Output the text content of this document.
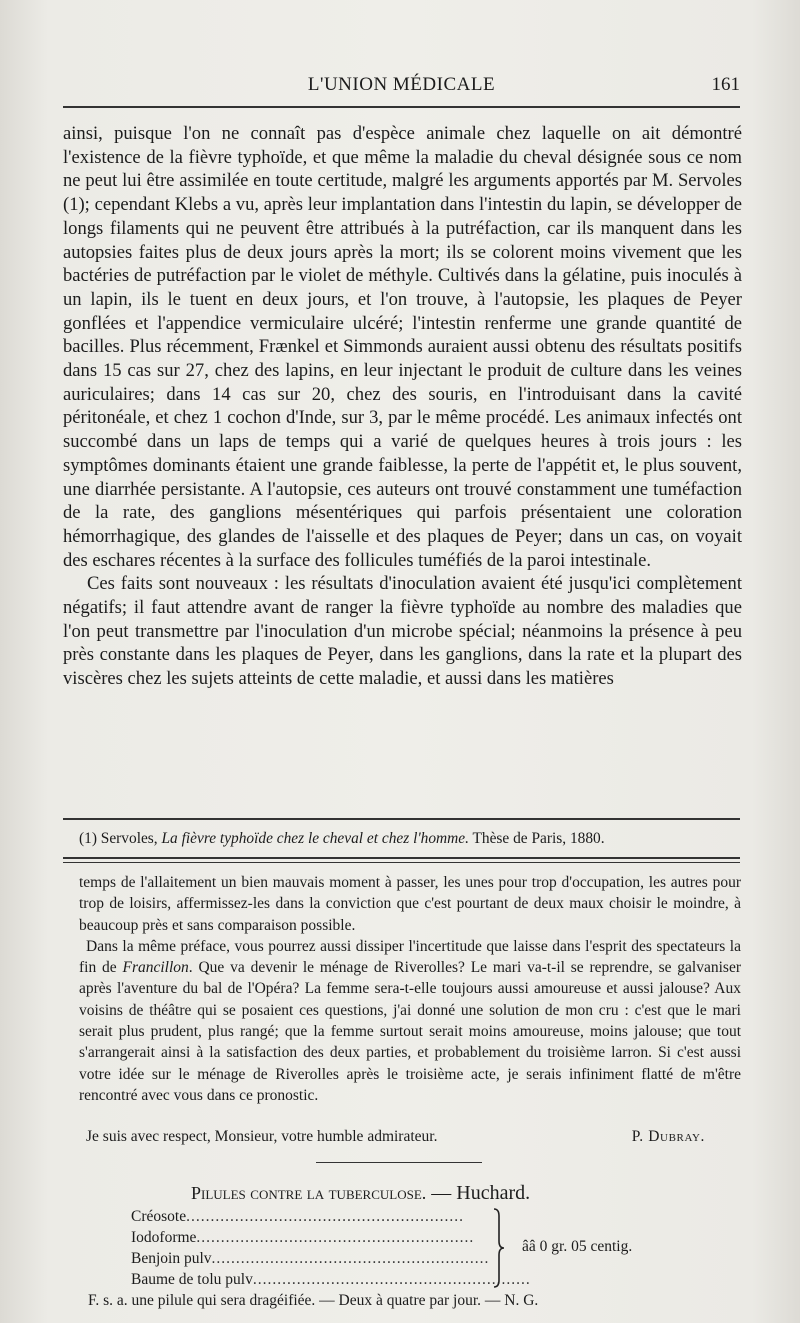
L'UNION MÉDICALE	161

ainsi, puisque l'on ne connaît pas d'espèce animale chez laquelle on ait démontré l'existence de la fièvre typhoïde, et que même la maladie du cheval désignée sous ce nom ne peut lui être assimilée en toute certitude, malgré les arguments apportés par M. Servoles (1); cependant Klebs a vu, après leur implantation dans l'intestin du lapin, se développer de longs filaments qui ne peuvent être attribués à la putréfaction, car ils manquent dans les autopsies faites plus de deux jours après la mort; ils se colorent moins vivement que les bactéries de putréfaction par le violet de méthyle. Cultivés dans la gélatine, puis inoculés à un lapin, ils le tuent en deux jours, et l'on trouve, à l'autopsie, les plaques de Peyer gonflées et l'appendice vermiculaire ulcéré; l'intestin renferme une grande quantité de bacilles. Plus récemment, Frænkel et Simmonds auraient aussi obtenu des résultats positifs dans 15 cas sur 27, chez des lapins, en leur injectant le produit de culture dans les veines auriculaires; dans 14 cas sur 20, chez des souris, en l'introduisant dans la cavité péritonéale, et chez 1 cochon d'Inde, sur 3, par le même procédé. Les animaux infectés ont succombé dans un laps de temps qui a varié de quelques heures à trois jours : les symptômes dominants étaient une grande faiblesse, la perte de l'appétit et, le plus souvent, une diarrhée persistante. A l'autopsie, ces auteurs ont trouvé constamment une tuméfaction de la rate, des ganglions mésentériques qui parfois présentaient une coloration hémorrhagique, des glandes de l'aisselle et des plaques de Peyer; dans un cas, on voyait des eschares récentes à la surface des follicules tuméfiés de la paroi intestinale.

Ces faits sont nouveaux : les résultats d'inoculation avaient été jusqu'ici complètement négatifs; il faut attendre avant de ranger la fièvre typhoïde au nombre des maladies que l'on peut transmettre par l'inoculation d'un microbe spécial; néanmoins la présence à peu près constante dans les plaques de Peyer, dans les ganglions, dans la rate et la plupart des viscères chez les sujets atteints de cette maladie, et aussi dans les matières

(1) Servoles, La fièvre typhoïde chez le cheval et chez l'homme. Thèse de Paris, 1880.

temps de l'allaitement un bien mauvais moment à passer, les unes pour trop d'occupation, les autres pour trop de loisirs, affermissez-les dans la conviction que c'est pourtant de deux maux choisir le moindre, à beaucoup près et sans comparaison possible.

Dans la même préface, vous pourrez aussi dissiper l'incertitude que laisse dans l'esprit des spectateurs la fin de Francillon. Que va devenir le ménage de Riverolles? Le mari va-t-il se reprendre, se galvaniser après l'aventure du bal de l'Opéra? La femme sera-t-elle toujours aussi amoureuse et aussi jalouse? Aux voisins de théâtre qui se posaient ces questions, j'ai donné une solution de mon cru : c'est que le mari serait plus prudent, plus rangé; que la femme surtout serait moins amoureuse, moins jalouse; que tout s'arrangerait ainsi à la satisfaction des deux parties, et probablement du troisième larron. Si c'est aussi votre idée sur le ménage de Riverolles après le troisième acte, je serais infiniment flatté de m'être rencontré avec vous dans ce pronostic.

Je suis avec respect, Monsieur, votre humble admirateur.	P. Dubray.
Pilules contre la tuberculose. — Huchard.
Créosote.........................................................
Iodoforme.........................................................
Benjoin pulv.........................................................
Baume de tolu pulv.........................................................
ââ 0 gr. 05 centig.
F. s. a. une pilule qui sera dragéifiée. — Deux à quatre par jour. — N. G.
